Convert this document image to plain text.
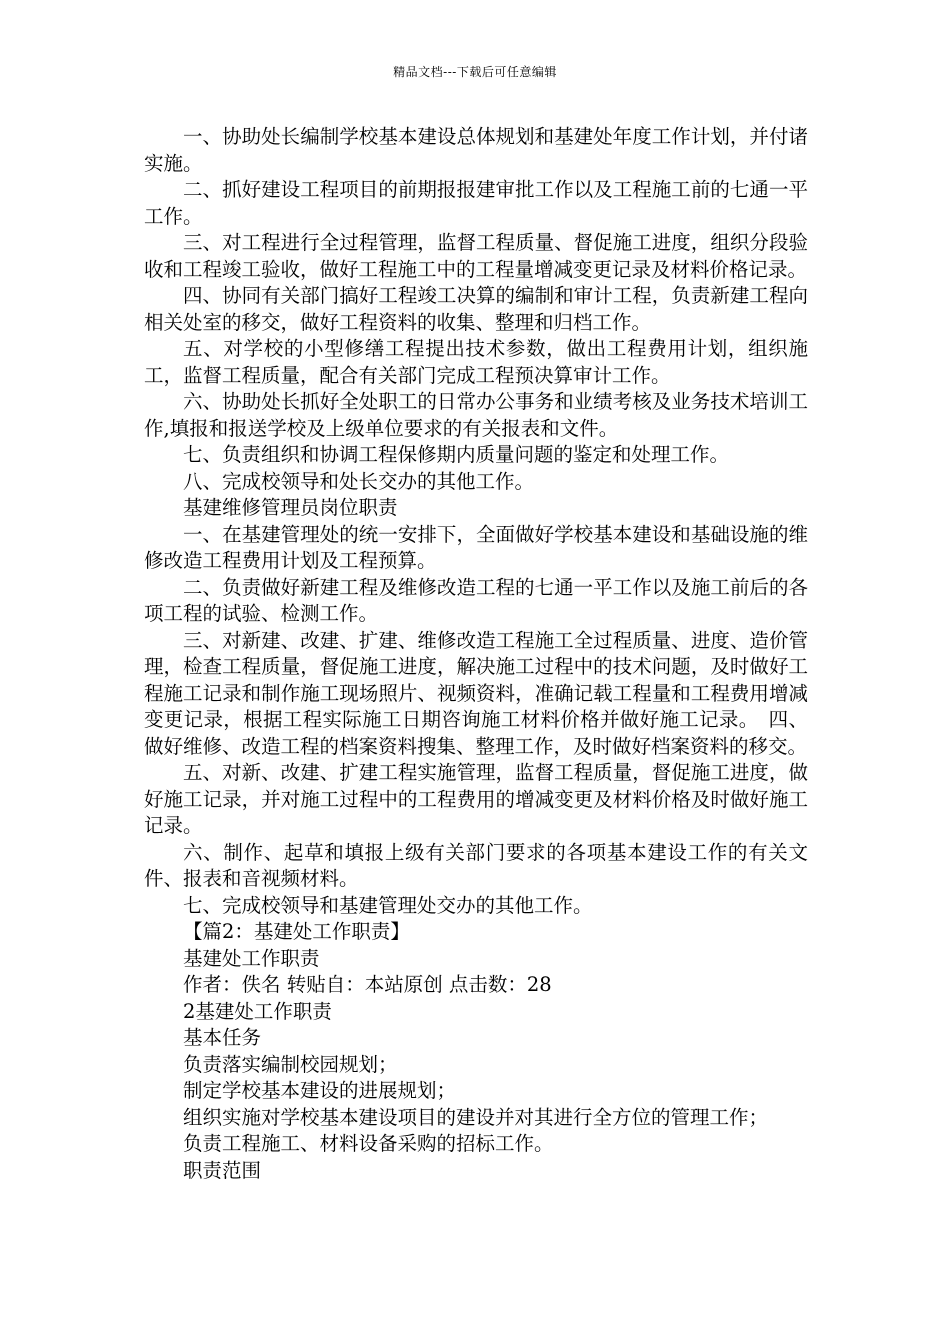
精品文档---下载后可任意编辑

一、协助处长编制学校基本建设总体规划和基建处年度工作计划，并付诸实施。

二、抓好建设工程项目的前期报报建审批工作以及工程施工前的七通一平工作。

三、对工程进行全过程管理，监督工程质量、督促施工进度，组织分段验收和工程竣工验收，做好工程施工中的工程量增减变更记录及材料价格记录。

四、协同有关部门搞好工程竣工决算的编制和审计工程，负责新建工程向相关处室的移交，做好工程资料的收集、整理和归档工作。

五、对学校的小型修缮工程提出技术参数，做出工程费用计划，组织施工，监督工程质量，配合有关部门完成工程预决算审计工作。

六、协助处长抓好全处职工的日常办公事务和业绩考核及业务技术培训工作,填报和报送学校及上级单位要求的有关报表和文件。

七、负责组织和协调工程保修期内质量问题的鉴定和处理工作。

八、完成校领导和处长交办的其他工作。

基建维修管理员岗位职责

一、在基建管理处的统一安排下，全面做好学校基本建设和基础设施的维修改造工程费用计划及工程预算。

二、负责做好新建工程及维修改造工程的七通一平工作以及施工前后的各项工程的试验、检测工作。

三、对新建、改建、扩建、维修改造工程施工全过程质量、进度、造价管理，检查工程质量，督促施工进度，解决施工过程中的技术问题，及时做好工程施工记录和制作施工现场照片、视频资料，准确记载工程量和工程费用增减变更记录，根据工程实际施工日期咨询施工材料价格并做好施工记录。　四、做好维修、改造工程的档案资料搜集、整理工作，及时做好档案资料的移交。

五、对新、改建、扩建工程实施管理，监督工程质量，督促施工进度，做好施工记录，并对施工过程中的工程费用的增减变更及材料价格及时做好施工记录。

六、制作、起草和填报上级有关部门要求的各项基本建设工作的有关文件、报表和音视频材料。

七、完成校领导和基建管理处交办的其他工作。

【篇2：基建处工作职责】

基建处工作职责

作者：佚名 转贴自：本站原创 点击数：28

2基建处工作职责

基本任务

负责落实编制校园规划；

制定学校基本建设的进展规划；

组织实施对学校基本建设项目的建设并对其进行全方位的管理工作；

负责工程施工、材料设备采购的招标工作。

职责范围
